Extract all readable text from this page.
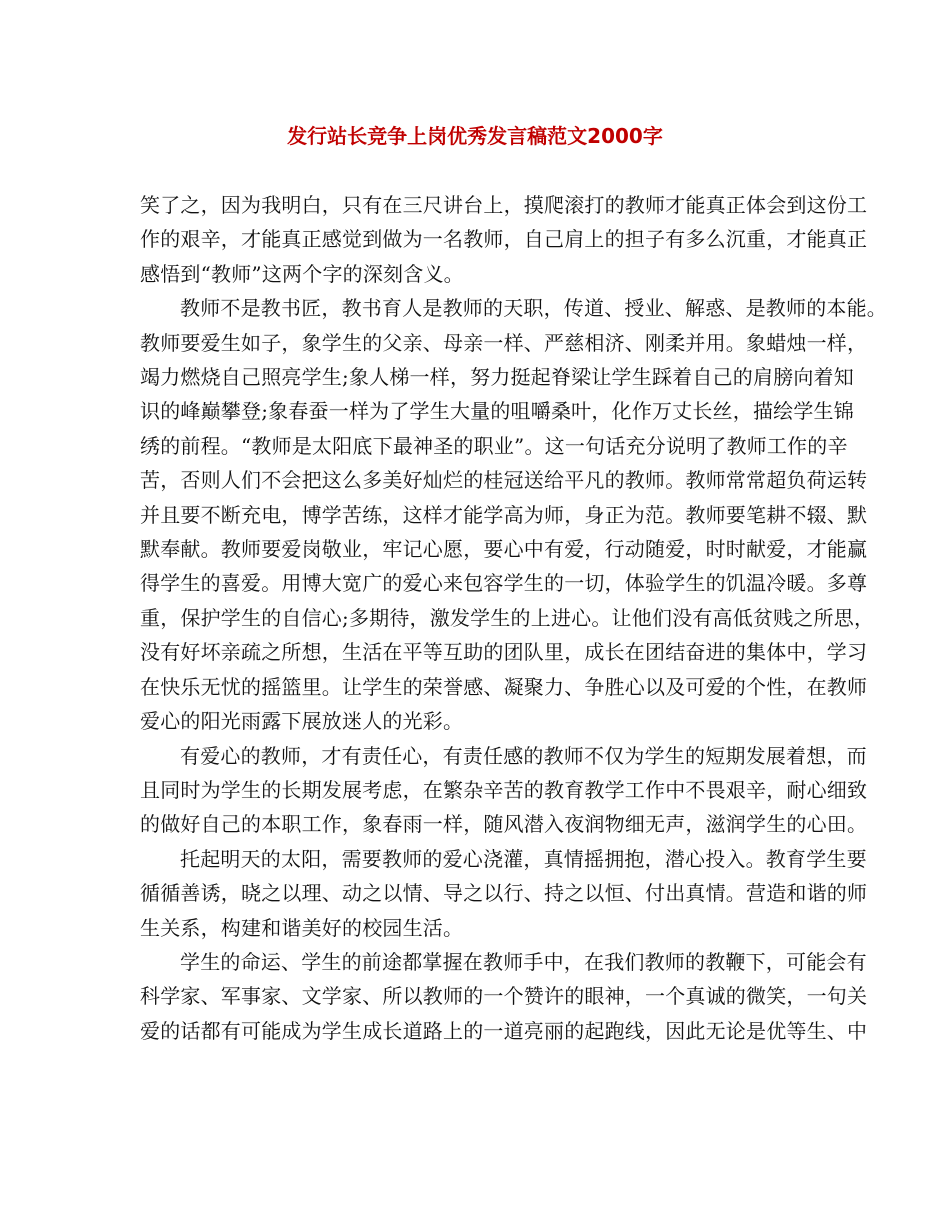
发行站长竞争上岗优秀发言稿范文2000字

笑了之，因为我明白，只有在三尺讲台上，摸爬滚打的教师才能真正体会到这份工
作的艰辛，才能真正感觉到做为一名教师，自己肩上的担子有多么沉重，才能真正
感悟到“教师”这两个字的深刻含义。

教师不是教书匠，教书育人是教师的天职，传道、授业、解惑、是教师的本能。
教师要爱生如子，象学生的父亲、母亲一样、严慈相济、刚柔并用。象蜡烛一样，
竭力燃烧自己照亮学生;象人梯一样，努力挺起脊梁让学生踩着自己的肩膀向着知
识的峰巅攀登;象春蚕一样为了学生大量的咀嚼桑叶，化作万丈长丝，描绘学生锦
绣的前程。“教师是太阳底下最神圣的职业”。这一句话充分说明了教师工作的辛
苦，否则人们不会把这么多美好灿烂的桂冠送给平凡的教师。教师常常超负荷运转
并且要不断充电，博学苦练，这样才能学高为师，身正为范。教师要笔耕不辍、默
默奉献。教师要爱岗敬业，牢记心愿，要心中有爱，行动随爱，时时献爱，才能赢
得学生的喜爱。用博大宽广的爱心来包容学生的一切，体验学生的饥温冷暖。多尊
重，保护学生的自信心;多期待，激发学生的上进心。让他们没有高低贫贱之所思，
没有好坏亲疏之所想，生活在平等互助的团队里，成长在团结奋进的集体中，学习
在快乐无忧的摇篮里。让学生的荣誉感、凝聚力、争胜心以及可爱的个性，在教师
爱心的阳光雨露下展放迷人的光彩。

有爱心的教师，才有责任心，有责任感的教师不仅为学生的短期发展着想，而
且同时为学生的长期发展考虑，在繁杂辛苦的教育教学工作中不畏艰辛，耐心细致
的做好自己的本职工作，象春雨一样，随风潜入夜润物细无声，滋润学生的心田。

托起明天的太阳，需要教师的爱心浇灌，真情摇拥抱，潜心投入。教育学生要
循循善诱，晓之以理、动之以情、导之以行、持之以恒、付出真情。营造和谐的师
生关系，构建和谐美好的校园生活。

学生的命运、学生的前途都掌握在教师手中，在我们教师的教鞭下，可能会有
科学家、军事家、文学家、所以教师的一个赞许的眼神，一个真诚的微笑，一句关
爱的话都有可能成为学生成长道路上的一道亮丽的起跑线，因此无论是优等生、中
